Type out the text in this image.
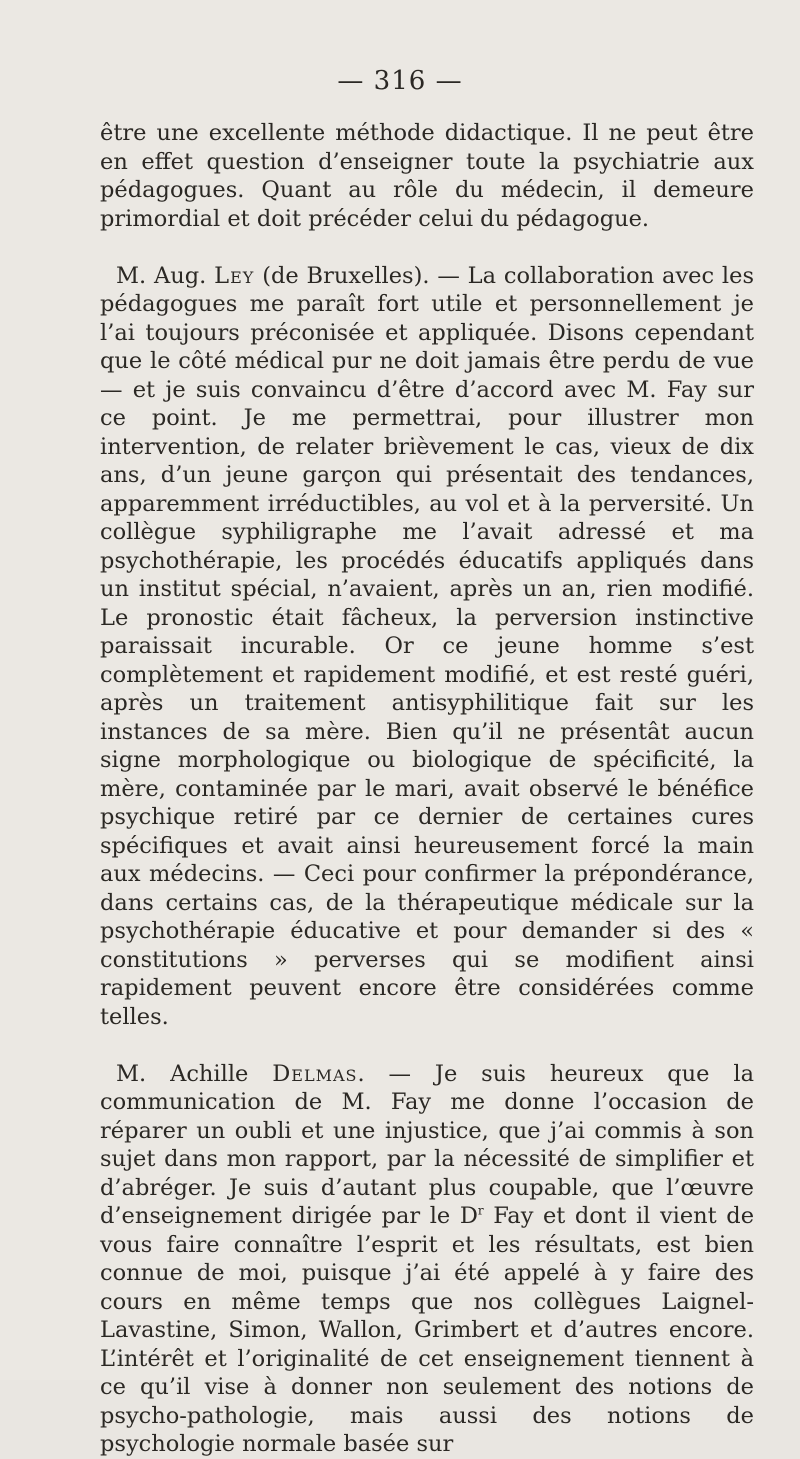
— 316 —

être une excellente méthode didactique. Il ne peut être en effet question d’enseigner toute la psychiatrie aux pédagogues. Quant au rôle du médecin, il demeure primordial et doit précéder celui du pédagogue.

M. Aug. Ley (de Bruxelles). — La collaboration avec les pédagogues me paraît fort utile et personnellement je l’ai toujours préconisée et appliquée. Disons cependant que le côté médical pur ne doit jamais être perdu de vue — et je suis convaincu d’être d’accord avec M. Fay sur ce point. Je me permettrai, pour illustrer mon intervention, de relater brièvement le cas, vieux de dix ans, d’un jeune garçon qui présentait des tendances, apparemment irréductibles, au vol et à la perversité. Un collègue syphiligraphe me l’avait adressé et ma psychothérapie, les procédés éducatifs appliqués dans un institut spécial, n’avaient, après un an, rien modifié. Le pronostic était fâcheux, la perversion instinctive paraissait incurable. Or ce jeune homme s’est complètement et rapidement modifié, et est resté guéri, après un traitement antisyphilitique fait sur les instances de sa mère. Bien qu’il ne présentât aucun signe morphologique ou biologique de spécificité, la mère, contaminée par le mari, avait observé le bénéfice psychique retiré par ce dernier de certaines cures spécifiques et avait ainsi heureusement forcé la main aux médecins. — Ceci pour confirmer la prépondérance, dans certains cas, de la thérapeutique médicale sur la psychothérapie éducative et pour demander si des « constitutions » perverses qui se modifient ainsi rapidement peuvent encore être considérées comme telles.

M. Achille Delmas. — Je suis heureux que la communication de M. Fay me donne l’occasion de réparer un oubli et une injustice, que j’ai commis à son sujet dans mon rapport, par la nécessité de simplifier et d’abréger. Je suis d’autant plus coupable, que l’œuvre d’enseignement dirigée par le $D^r$ Fay et dont il vient de vous faire connaître l’esprit et les résultats, est bien connue de moi, puisque j’ai été appelé à y faire des cours en même temps que nos collègues Laignel-Lavastine, Simon, Wallon, Grimbert et d’autres encore. L’intérêt et l’originalité de cet enseignement tiennent à ce qu’il vise à donner non seulement des notions de psycho-pathologie, mais aussi des notions de psychologie normale basée sur
